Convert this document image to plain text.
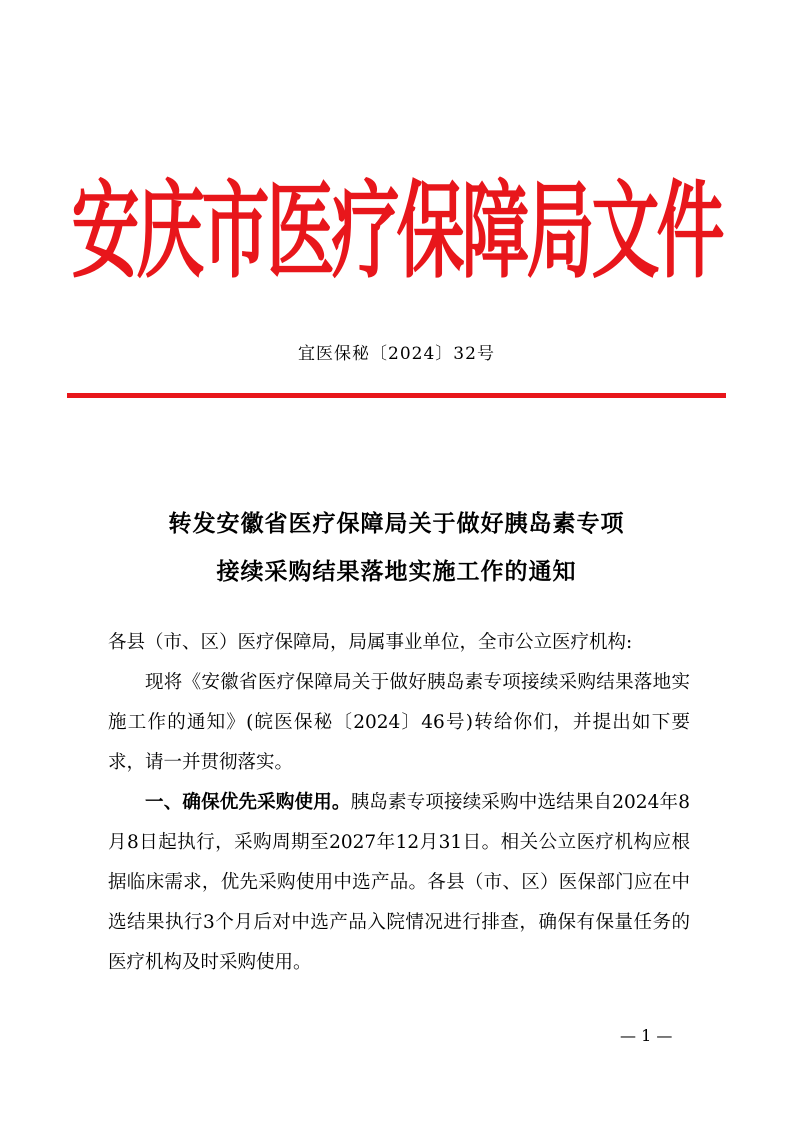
安庆市医疗保障局文件
宜医保秘〔2024〕32号
转发安徽省医疗保障局关于做好胰岛素专项
接续采购结果落地实施工作的通知

各县（市、区）医疗保障局，局属事业单位，全市公立医疗机构:

现将《安徽省医疗保障局关于做好胰岛素专项接续采购结果落地实施工作的通知》(皖医保秘〔2024〕46号)转给你们，并提出如下要求，请一并贯彻落实。

一、确保优先采购使用。胰岛素专项接续采购中选结果自2024年8月8日起执行，采购周期至2027年12月31日。相关公立医疗机构应根据临床需求，优先采购使用中选产品。各县（市、区）医保部门应在中选结果执行3个月后对中选产品入院情况进行排查，确保有保量任务的医疗机构及时采购使用。

— 1 —
